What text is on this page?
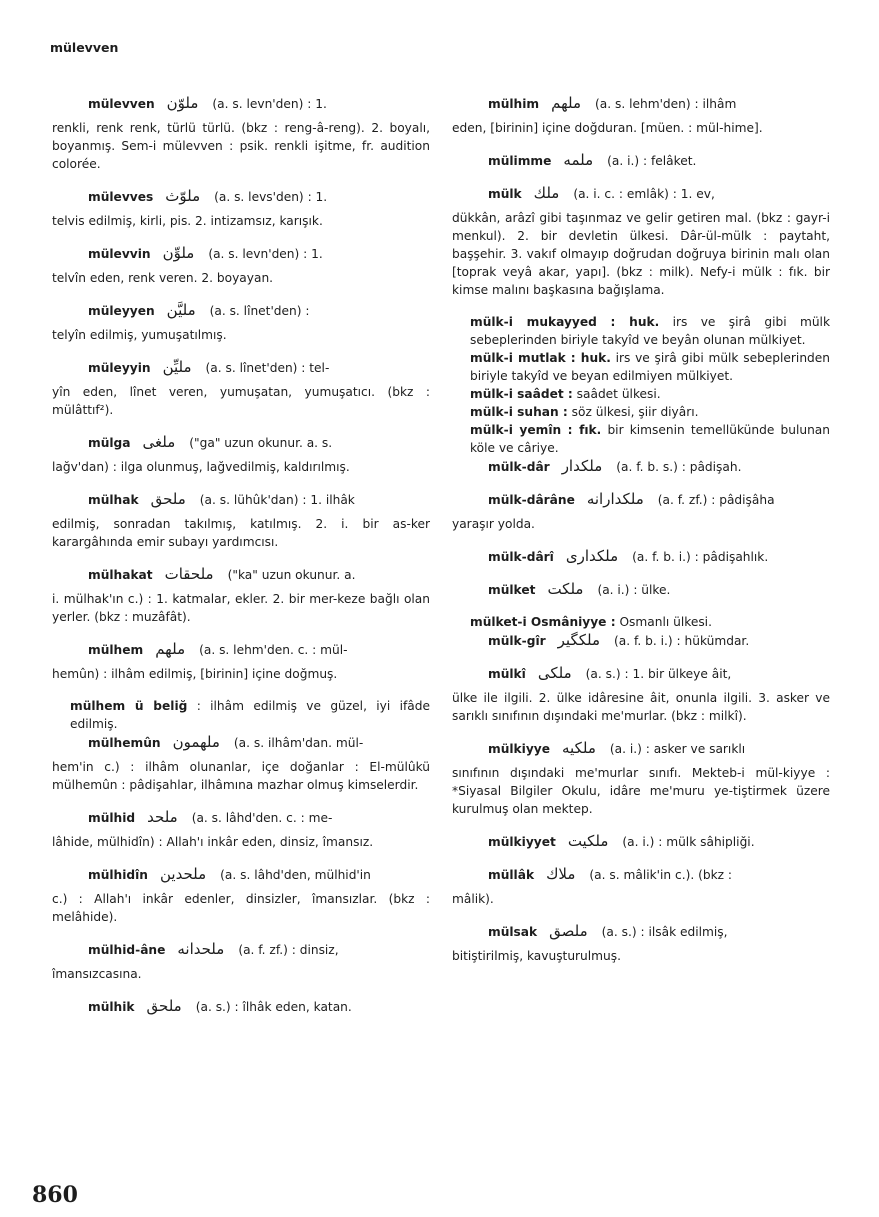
mülevven
mülevven ملوّن (a. s. levn'den) : 1.
renkli, renk renk, türlü türlü. (bkz : reng-â-reng). 2. boyalı, boyanmış. Sem-i mülevven : psik. renkli işitme, fr. audition colorée.
mülevves ملوّث (a. s. levs'den) : 1.
telvis edilmiş, kirli, pis. 2. intizamsız, karışık.
mülevvin ملوِّن (a. s. levn'den) : 1.
telvîn eden, renk veren. 2. boyayan.
müleyyen مليَّن (a. s. lînet'den) :
telyîn edilmiş, yumuşatılmış.
müleyyin مليِّن (a. s. lînet'den) : tel-
yîn eden, lînet veren, yumuşatan, yumuşatıcı. (bkz : mülâttıf²).
mülga ملغى ("ga" uzun okunur. a. s.
lağv'dan) : ilga olunmuş, lağvedilmiş, kaldırılmış.
mülhak ملحق (a. s. lühûk'dan) : 1. ilhâk
edilmiş, sonradan takılmış, katılmış. 2. i. bir as-ker karargâhında emir subayı yardımcısı.
mülhakat ملحقات ("ka" uzun okunur. a.
i. mülhak'ın c.) : 1. katmalar, ekler. 2. bir mer-keze bağlı olan yerler. (bkz : muzâfât).
mülhem ملهم (a. s. lehm'den. c. : mül-
hemûn) : ilhâm edilmiş, [birinin] içine doğmuş.
mülhem ü beliğ : ilhâm edilmiş ve güzel, iyi ifâde edilmiş.
mülhemûn ملهمون (a. s. ilhâm'dan. mül-
hem'in c.) : ilhâm olunanlar, içe doğanlar : El-mülûkü mülhemûn : pâdişahlar, ilhâmına mazhar olmuş kimselerdir.
mülhid ملحد (a. s. lâhd'den. c. : me-
lâhide, mülhidîn) : Allah'ı inkâr eden, dinsiz, îmansız.
mülhidîn ملحدين (a. s. lâhd'den, mülhid'in
c.) : Allah'ı inkâr edenler, dinsizler, îmansızlar. (bkz : melâhide).
mülhid-âne ملحدانه (a. f. zf.) : dinsiz,
îmansızcasına.
mülhik ملحق (a. s.) : îlhâk eden, katan.
mülhim ملهم (a. s. lehm'den) : ilhâm
eden, [birinin] içine doğduran. [müen. : mül-hime].
mülimme ملمه (a. i.) : felâket.
mülk ملك (a. i. c. : emlâk) : 1. ev,
dükkân, arâzî gibi taşınmaz ve gelir getiren mal. (bkz : gayr-i menkul). 2. bir devletin ülkesi. Dâr-ül-mülk : paytaht, başşehir. 3. vakıf olmayıp doğrudan doğruya birinin malı olan [toprak veyâ akar, yapı]. (bkz : milk). Nefy-i mülk : fık. bir kimse malını başkasına bağışlama.
mülk-i mukayyed : huk. irs ve şirâ gibi mülk sebeplerinden biriyle takyîd ve beyân olunan mülkiyet.
mülk-i mutlak : huk. irs ve şirâ gibi mülk sebeplerinden biriyle takyîd ve beyan edilmiyen mülkiyet.
mülk-i saâdet : saâdet ülkesi.
mülk-i suhan : söz ülkesi, şiir diyârı.
mülk-i yemîn : fık. bir kimsenin temellükünde bulunan köle ve câriye.
mülk-dâr ملكدار (a. f. b. s.) : pâdişah.
mülk-dârâne ملكدارانه (a. f. zf.) : pâdişâha
yaraşır yolda.
mülk-dârî ملكدارى (a. f. b. i.) : pâdişahlık.
mülket ملكت (a. i.) : ülke.
mülket-i Osmâniyye : Osmanlı ülkesi.
mülk-gîr ملكگير (a. f. b. i.) : hükümdar.
mülkî ملكى (a. s.) : 1. bir ülkeye âit,
ülke ile ilgili. 2. ülke idâresine âit, onunla ilgili. 3. asker ve sarıklı sınıfının dışındaki me'murlar. (bkz : milkî).
mülkiyye ملكيه (a. i.) : asker ve sarıklı
sınıfının dışındaki me'murlar sınıfı. Mekteb-i mül-kiyye : *Siyasal Bilgiler Okulu, idâre me'muru ye-tiştirmek üzere kurulmuş olan mektep.
mülkiyyet ملكيت (a. i.) : mülk sâhipliği.
müllâk ملاك (a. s. mâlik'in c.). (bkz :
mâlik).
mülsak ملصق (a. s.) : ilsâk edilmiş,
bitiştirilmiş, kavuşturulmuş.
860
